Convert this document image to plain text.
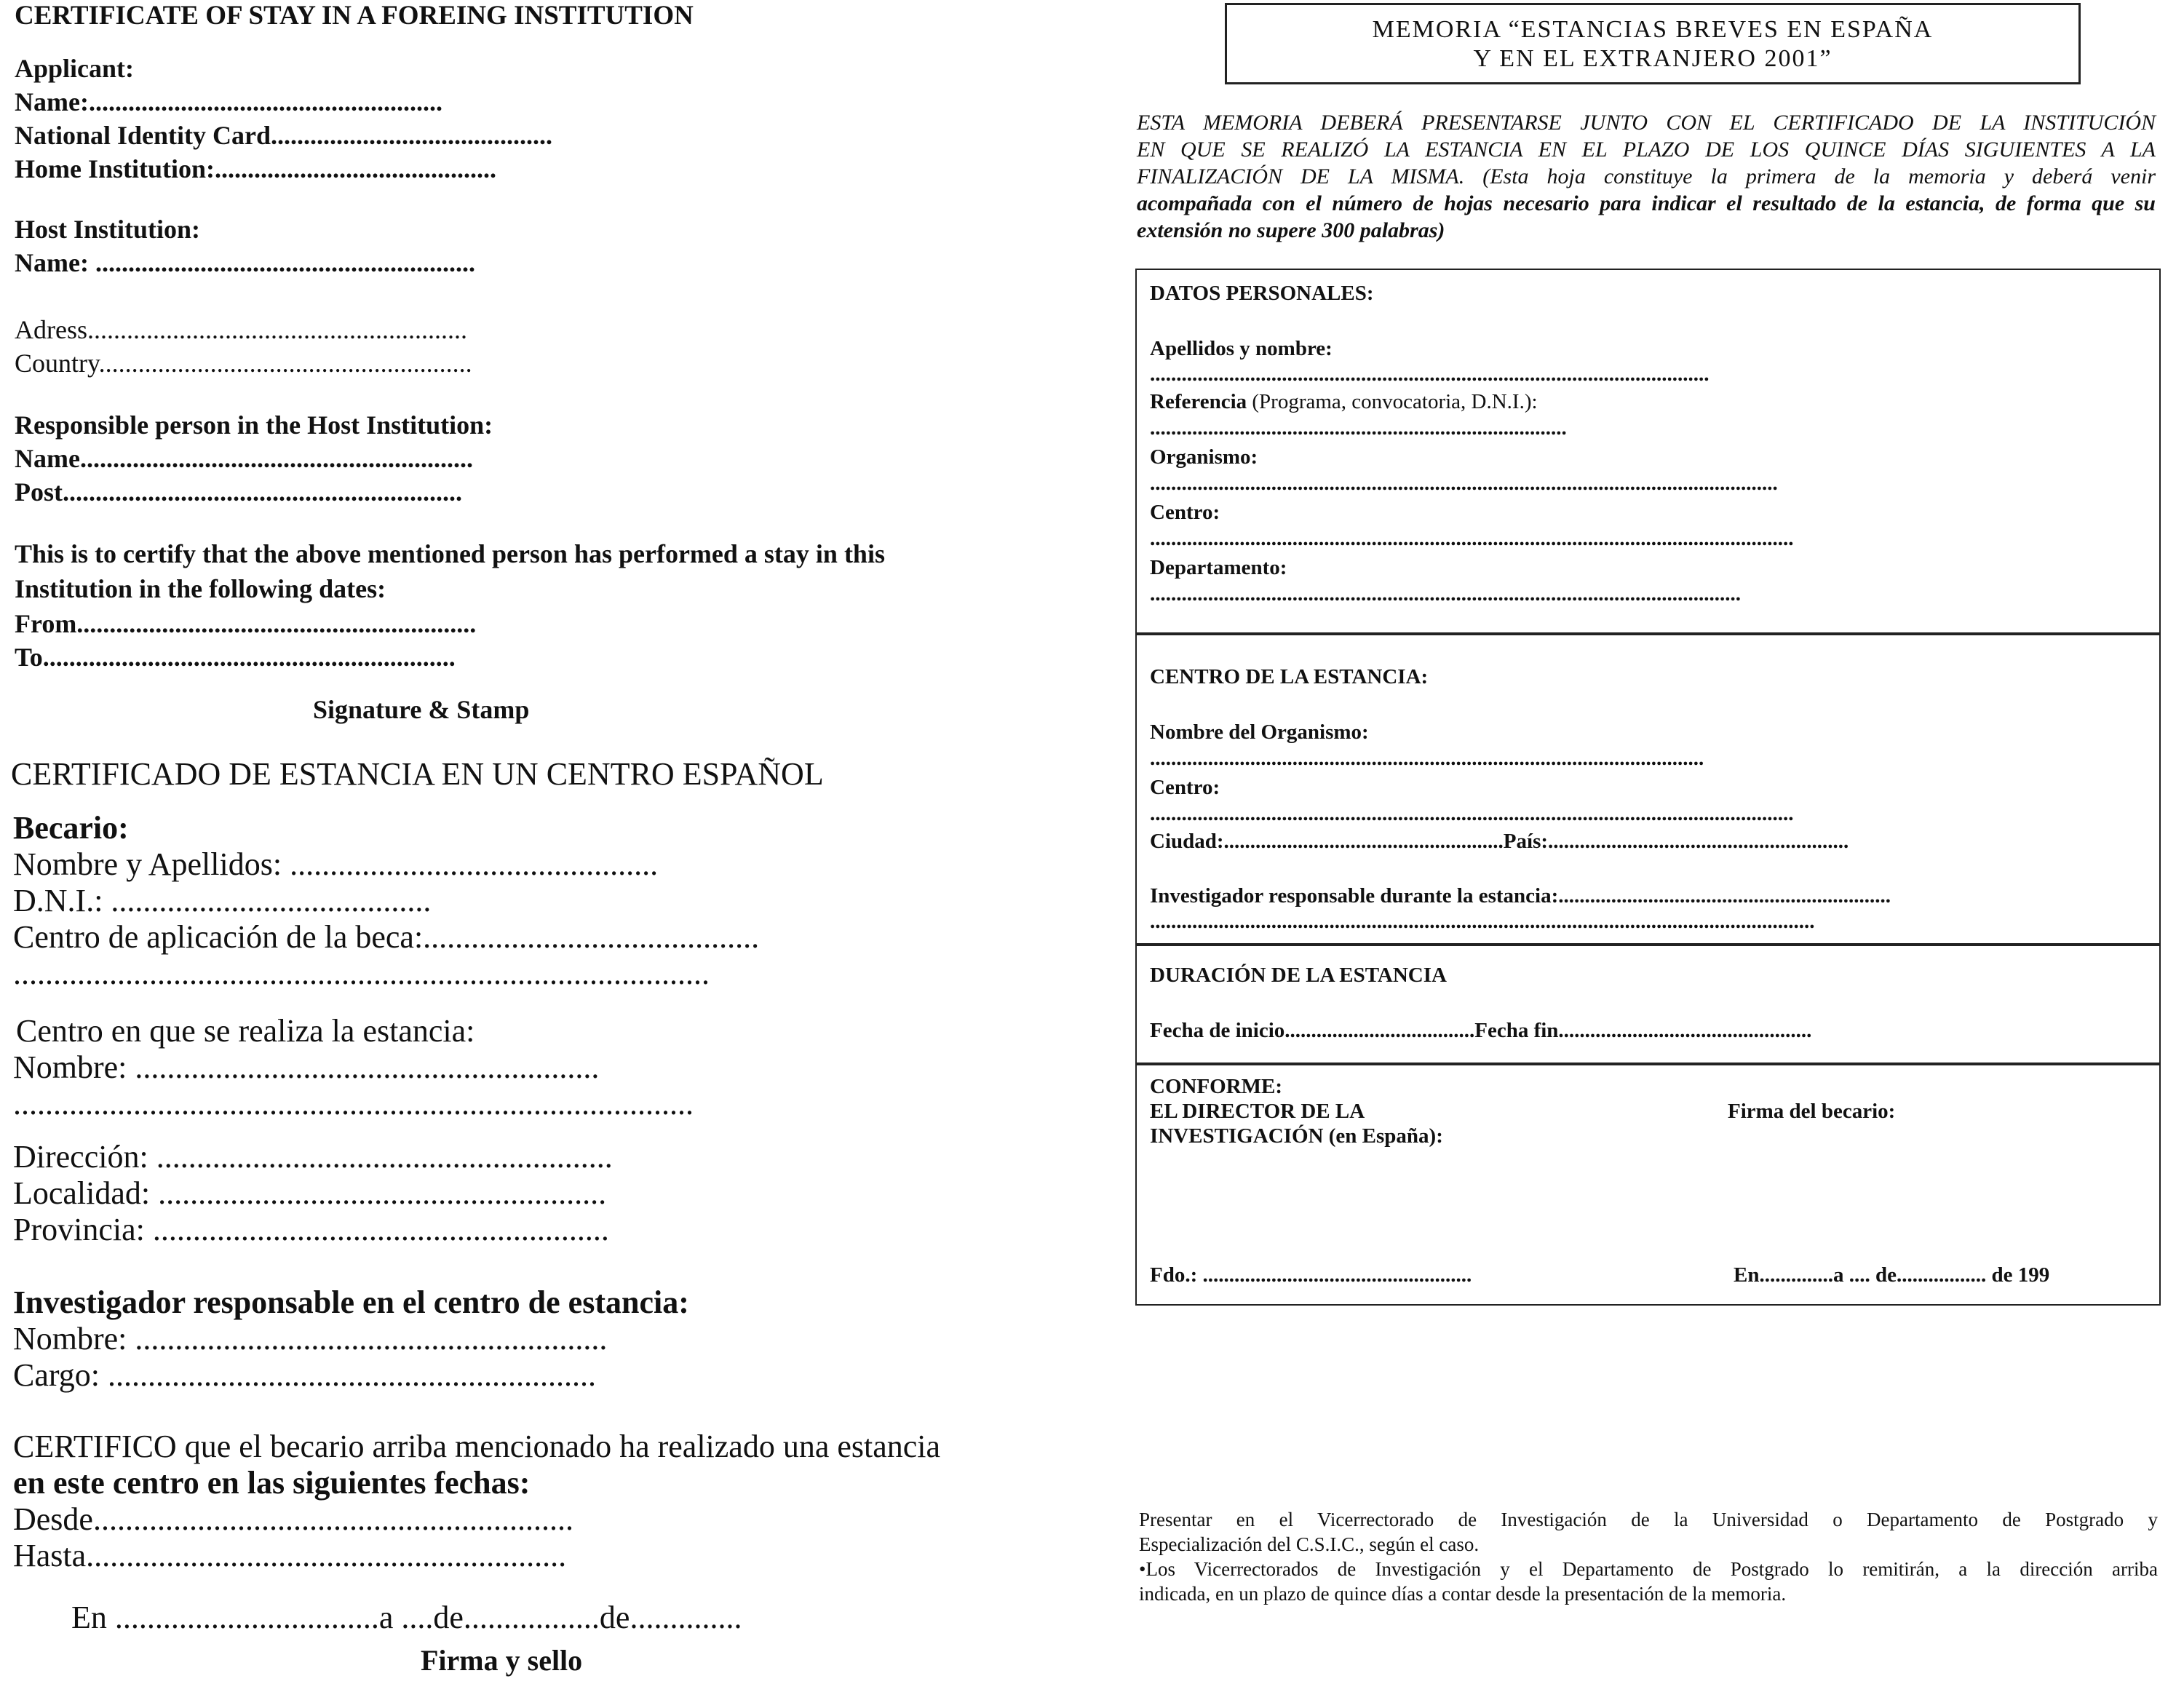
CERTIFICATE OF STAY IN A FOREING INSTITUTION
Applicant:
Name:......................................................
National Identity Card...........................................
Home Institution:...........................................
Host Institution:
Name: ..........................................................
Adress..........................................................
Country.........................................................
Responsible person in the Host Institution:
Name............................................................
Post.............................................................
This is to certify that the above mentioned person has performed a stay in this
Institution in the following dates:
From.............................................................
To...............................................................
Signature & Stamp
CERTIFICADO DE ESTANCIA EN UN CENTRO ESPAÑOL
Becario:
Nombre y Apellidos: ..............................................
D.N.I.: ........................................
Centro de aplicación de la beca:..........................................
.......................................................................................
Centro en que se realiza la estancia:
Nombre: ..........................................................
.....................................................................................
Dirección: .........................................................
Localidad: ........................................................
Provincia: .........................................................
Investigador responsable en el centro de estancia:
Nombre: ...........................................................
Cargo: .............................................................
CERTIFICO que el becario arriba mencionado ha realizado una estancia
en este centro en las siguientes fechas:
Desde............................................................
Hasta............................................................
En .................................a ....de.................de..............
Firma y sello
MEMORIA “ESTANCIAS BREVES EN ESPAÑA
Y EN EL EXTRANJERO 2001”
ESTA MEMORIA DEBERÁ PRESENTARSE JUNTO CON EL CERTIFICADO DE LA INSTITUCIÓN
EN QUE SE REALIZÓ LA ESTANCIA EN EL PLAZO DE LOS QUINCE DÍAS SIGUIENTES A LA
FINALIZACIÓN DE LA MISMA. (Esta hoja constituye la primera de la memoria y deberá venir
acompañada con el número de hojas necesario para indicar el resultado de la estancia, de forma que su
extensión no supere 300 palabras)
DATOS PERSONALES:
Apellidos y nombre:
..........................................................................................................
Referencia (Programa, convocatoria, D.N.I.):
...............................................................................
Organismo:
.......................................................................................................................
Centro:
..........................................................................................................................
Departamento:
................................................................................................................
CENTRO DE LA ESTANCIA:
Nombre del Organismo:
.........................................................................................................
Centro:
..........................................................................................................................
Ciudad:.....................................................País:.........................................................
Investigador responsable durante la estancia:...............................................................
..............................................................................................................................
DURACIÓN DE LA ESTANCIA
Fecha de inicio....................................Fecha fin................................................
CONFORME:
EL DIRECTOR DE LA
INVESTIGACIÓN (en España):
Firma del becario:
Fdo.: ...................................................	En..............a .... de................. de 199
Presentar en el Vicerrectorado de Investigación de la Universidad o Departamento de Postgrado y
Especialización del C.S.I.C., según el caso.
•Los Vicerrectorados de Investigación y el Departamento de Postgrado lo remitirán, a la dirección arriba
indicada, en un plazo de quince días a contar desde la presentación de la memoria.
